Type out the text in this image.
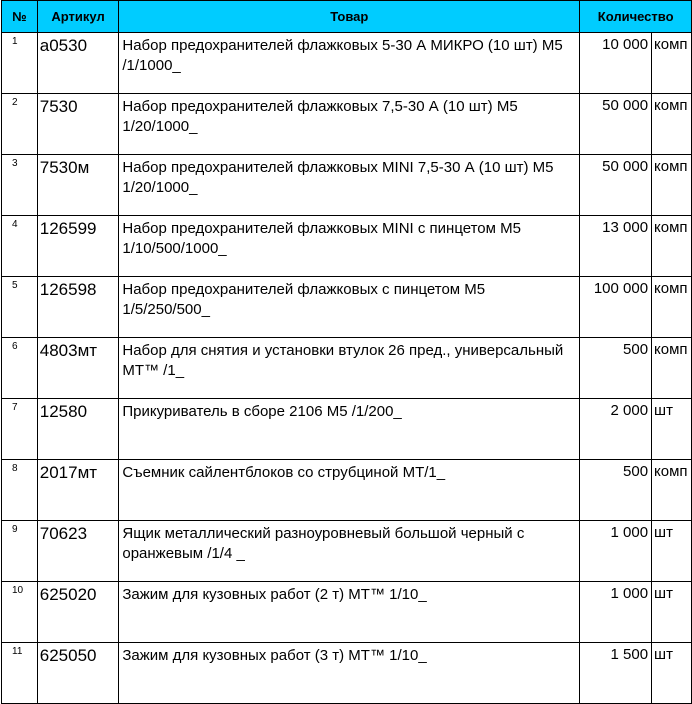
№	Артикул	Товар	Количество	
1	а0530	Набор предохранителей флажковых 5-30 А МИКРО (10 шт) М5 /1/1000_	10 000	комп
2	7530	Набор предохранителей флажковых 7,5-30 А (10 шт) М5 1/20/1000_	50 000	комп
3	7530м	Набор предохранителей флажковых MINI 7,5-30 А (10 шт) М5 1/20/1000_	50 000	комп
4	126599	Набор предохранителей флажковых MINI с пинцетом М5 1/10/500/1000_	13 000	комп
5	126598	Набор предохранителей флажковых с пинцетом М5 1/5/250/500_	100 000	комп
6	4803мт	Набор для снятия и установки втулок 26 пред., универсальный МТ™ /1_	500	комп
7	12580	Прикуриватель в сборе 2106 М5 /1/200_	2 000	шт
8	2017мт	Съемник сайлентблоков со струбциной МТ/1_	500	комп
9	70623	Ящик металлический разноуровневый большой черный с оранжевым /1/4 _	1 000	шт
10	625020	Зажим для кузовных работ (2 т) МТ™ 1/10_	1 000	шт
11	625050	Зажим для кузовных работ (3 т) МТ™ 1/10_	1 500	шт
